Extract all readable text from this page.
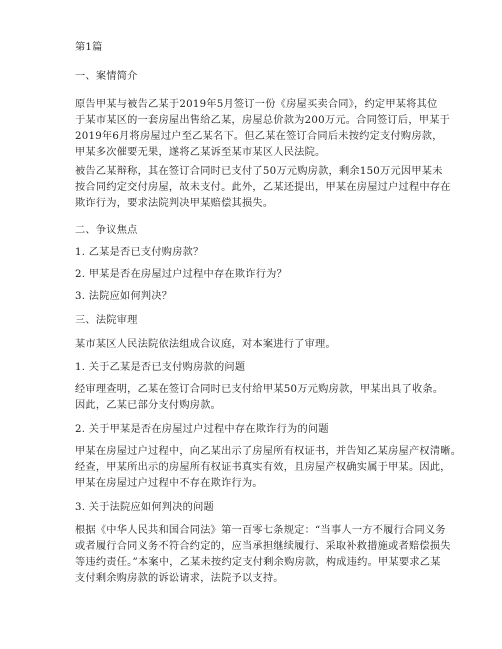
第1篇

一、案情简介

原告甲某与被告乙某于2019年5月签订一份《房屋买卖合同》，约定甲某将其位

于某市某区的一套房屋出售给乙某，房屋总价款为200万元。合同签订后，甲某于

2019年6月将房屋过户至乙某名下。但乙某在签订合同后未按约定支付购房款，

甲某多次催要无果，遂将乙某诉至某市某区人民法院。

被告乙某辩称，其在签订合同时已支付了50万元购房款，剩余150万元因甲某未

按合同约定交付房屋，故未支付。此外，乙某还提出，甲某在房屋过户过程中存在

欺诈行为，要求法院判决甲某赔偿其损失。

二、争议焦点

1. 乙某是否已支付购房款？

2. 甲某是否在房屋过户过程中存在欺诈行为？

3. 法院应如何判决？

三、法院审理

某市某区人民法院依法组成合议庭，对本案进行了审理。

1. 关于乙某是否已支付购房款的问题

经审理查明，乙某在签订合同时已支付给甲某50万元购房款，甲某出具了收条。

因此，乙某已部分支付购房款。

2. 关于甲某是否在房屋过户过程中存在欺诈行为的问题

甲某在房屋过户过程中，向乙某出示了房屋所有权证书，并告知乙某房屋产权清晰。

经查，甲某所出示的房屋所有权证书真实有效，且房屋产权确实属于甲某。因此，

甲某在房屋过户过程中不存在欺诈行为。

3. 关于法院应如何判决的问题

根据《中华人民共和国合同法》第一百零七条规定：“当事人一方不履行合同义务

或者履行合同义务不符合约定的，应当承担继续履行、采取补救措施或者赔偿损失

等违约责任。”本案中，乙某未按约定支付剩余购房款，构成违约。甲某要求乙某

支付剩余购房款的诉讼请求，法院予以支持。
